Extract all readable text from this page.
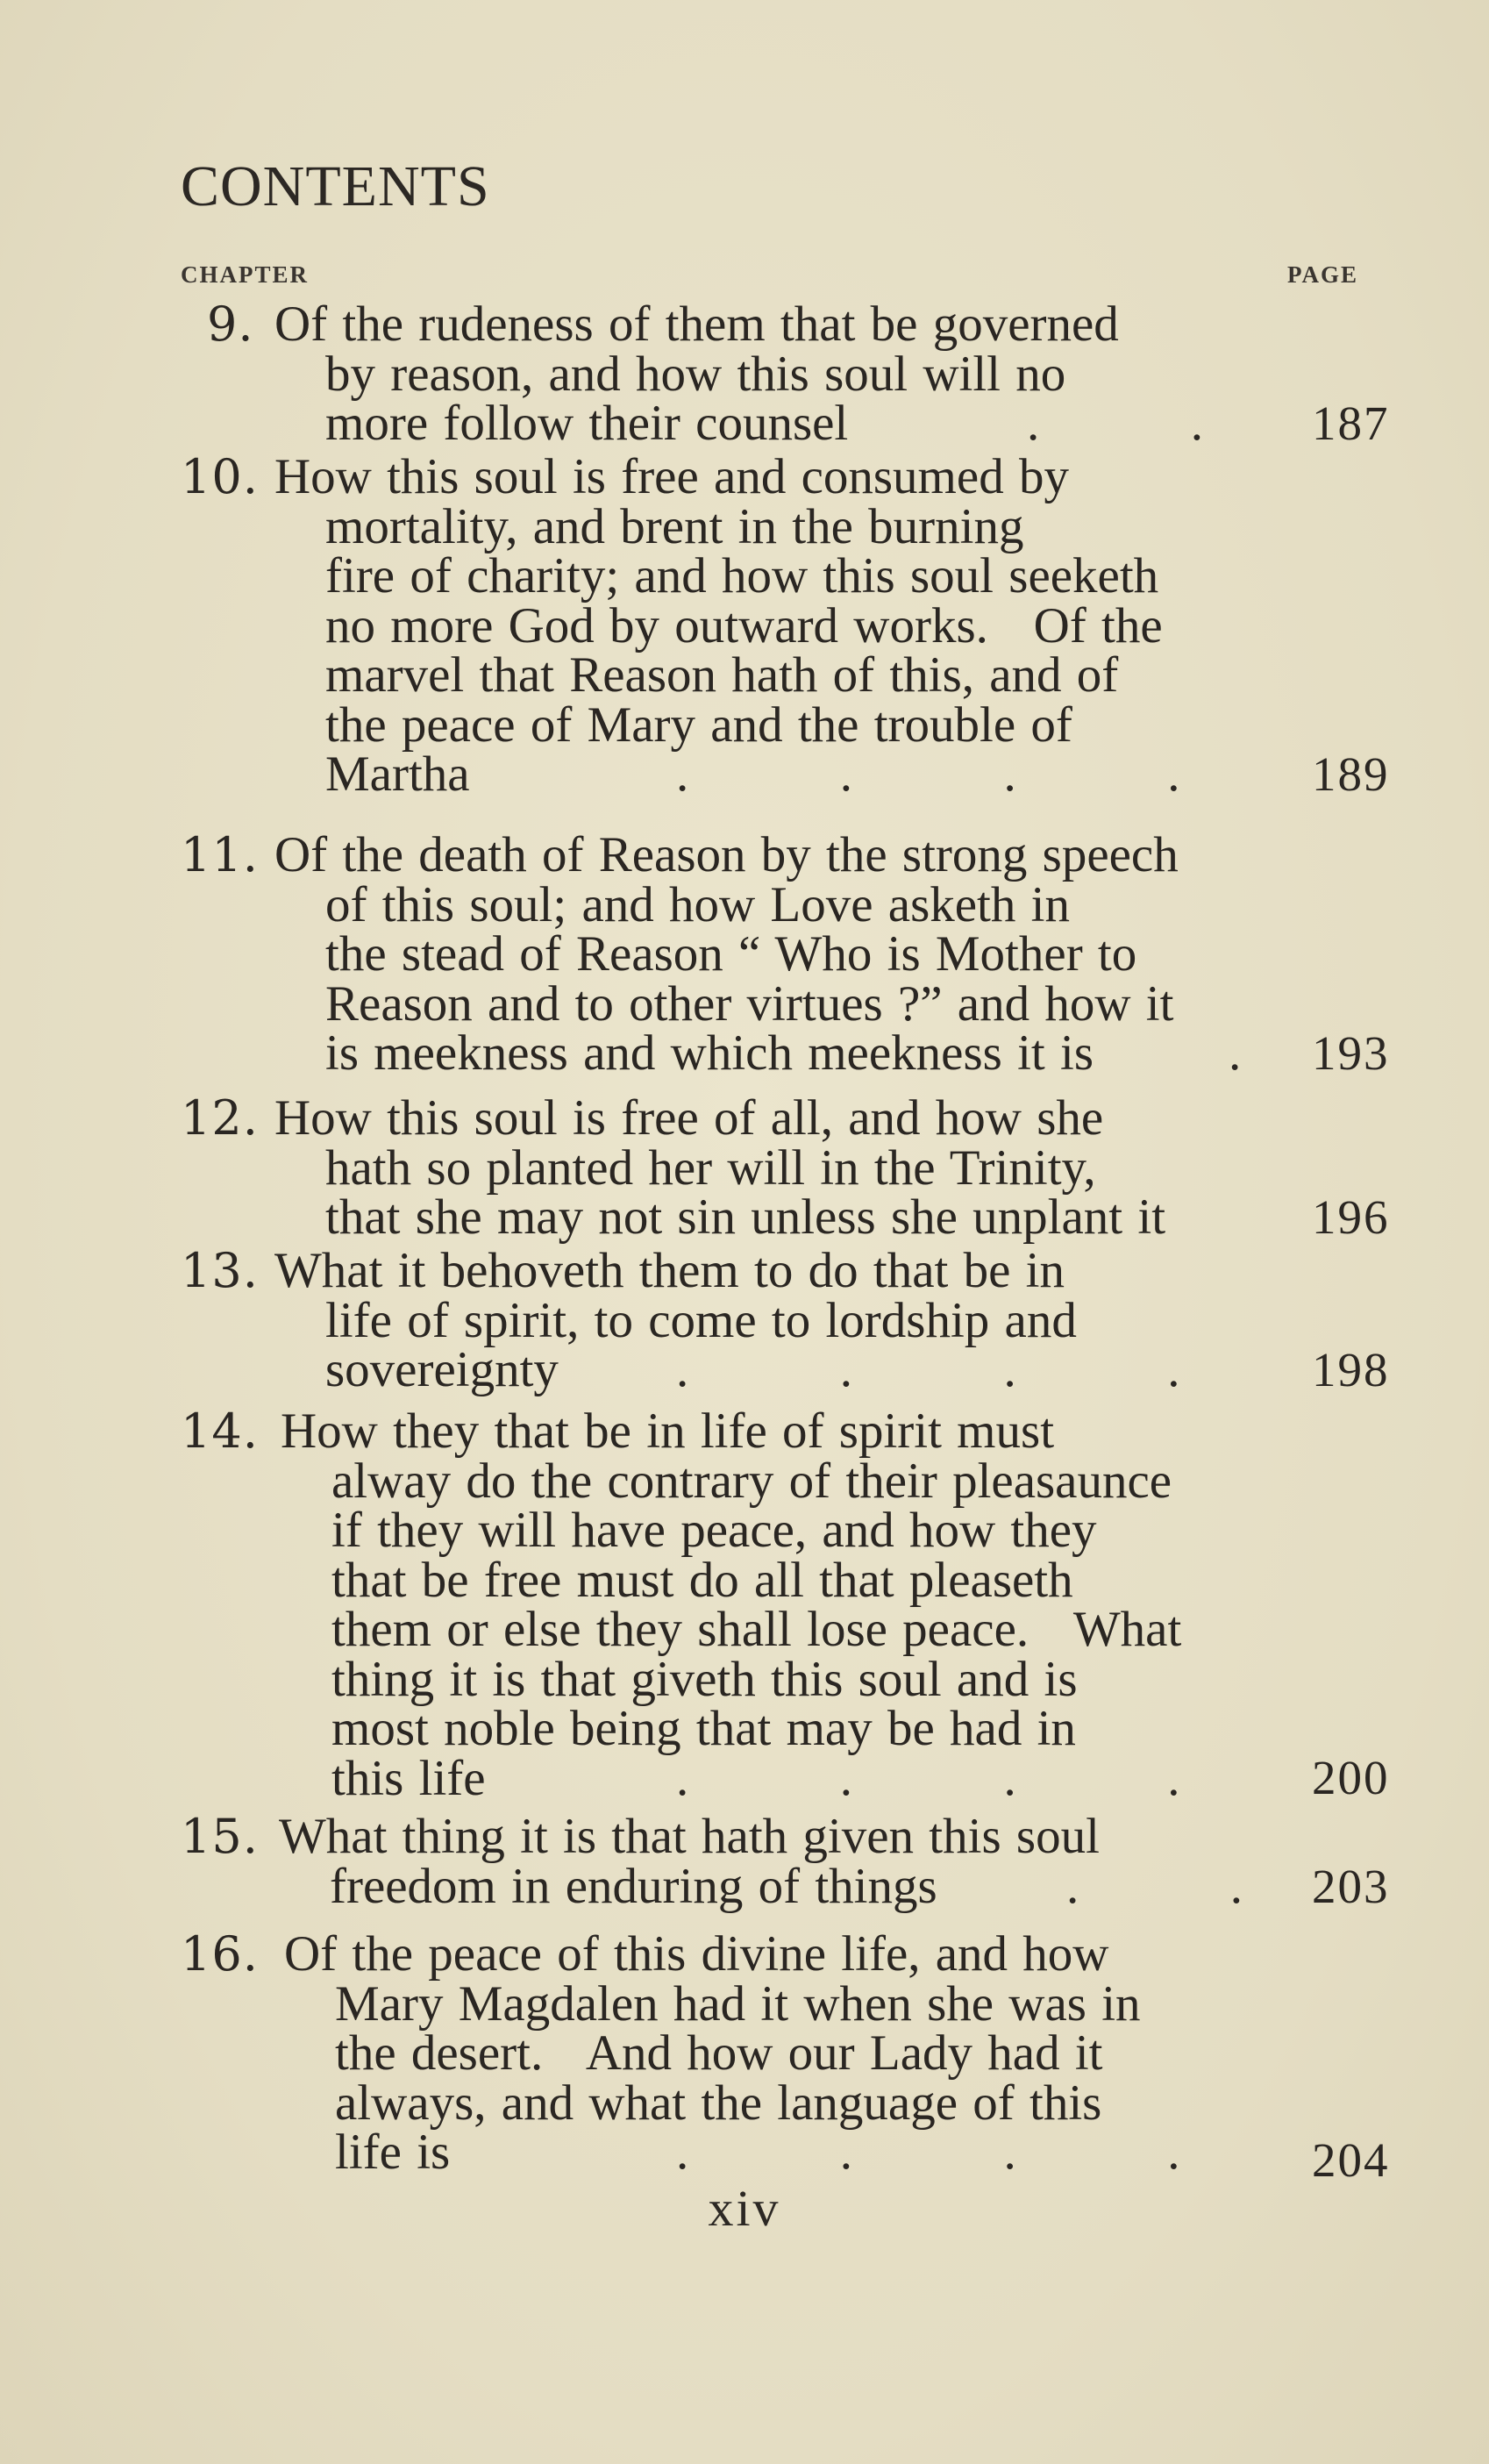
CONTENTS
CHAPTER	PAGE
9. Of the rudeness of them that be governed
by reason, and how this soul will no
more follow their counsel	.          . 187
10. How this soul is free and consumed by
mortality, and brent in the burning
fire of charity; and how this soul seeketh
no more God by outward works.   Of the
marvel that Reason hath of this, and of
the peace of Mary and the trouble of
Martha	.          .          .          .	189
11. Of the death of Reason by the strong speech
of this soul; and how Love asketh in
the stead of Reason “ Who is Mother to
Reason and to other virtues ?” and how it
is meekness and which meekness it is	. 193
12. How this soul is free of all, and how she
hath so planted her will in the Trinity,
that she may not sin unless she unplant it	196
13. What it behoveth them to do that be in
life of spirit, to come to lordship and
sovereignty .          .          .          .	198
14. How they that be in life of spirit must
alway do the contrary of their pleasaunce
if they will have peace, and how they
that be free must do all that pleaseth
them or else they shall lose peace.   What
thing it is that giveth this soul and is
most noble being that may be had in
this life	.          .          .          .	200
15. What thing it is that hath given this soul
freedom in enduring of things	.          . 203
16. Of the peace of this divine life, and how
Mary Magdalen had it when she was in
the desert.   And how our Lady had it
always, and what the language of this
life is	.          .          .          .	204
xiv
